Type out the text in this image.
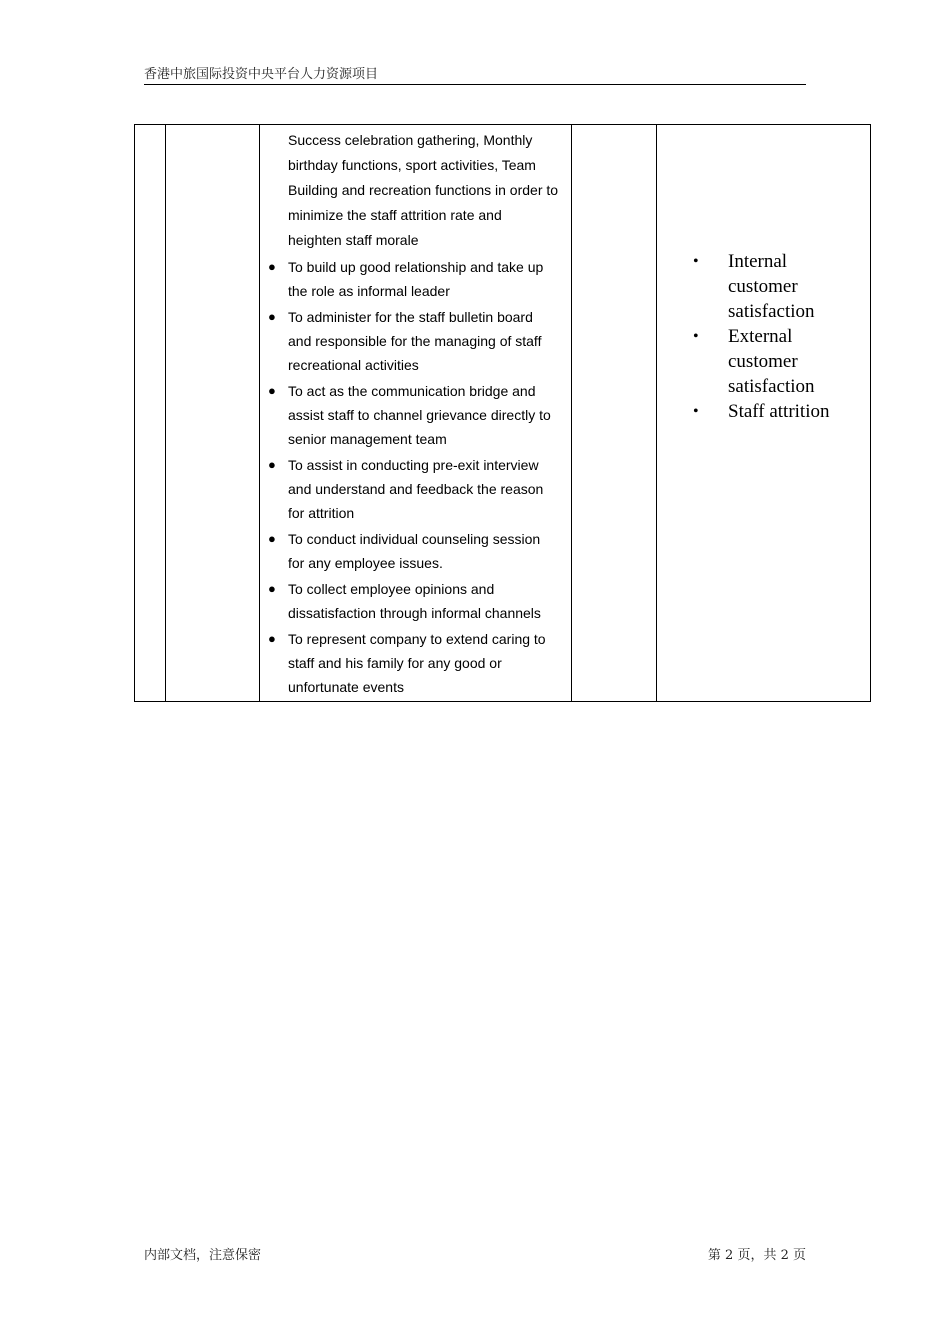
香港中旅国际投资中央平台人力资源项目

Success celebration gathering, Monthly birthday functions, sport activities, Team Building and recreation functions in order to minimize the staff attrition rate and heighten staff morale

● To build up good relationship and take up the role as informal leader
● To administer for the staff bulletin board and responsible for the managing of staff recreational activities
● To act as the communication bridge and assist staff to channel grievance directly to senior management team
● To assist in conducting pre-exit interview and understand and feedback the reason for attrition
● To conduct individual counseling session for any employee issues.
● To collect employee opinions and dissatisfaction through informal channels
● To represent company to extend caring to staff and his family for any good or unfortunate events

• Internal customer satisfaction
• External customer satisfaction
• Staff attrition
内部文档，注意保密	第 2 页，共 2 页
